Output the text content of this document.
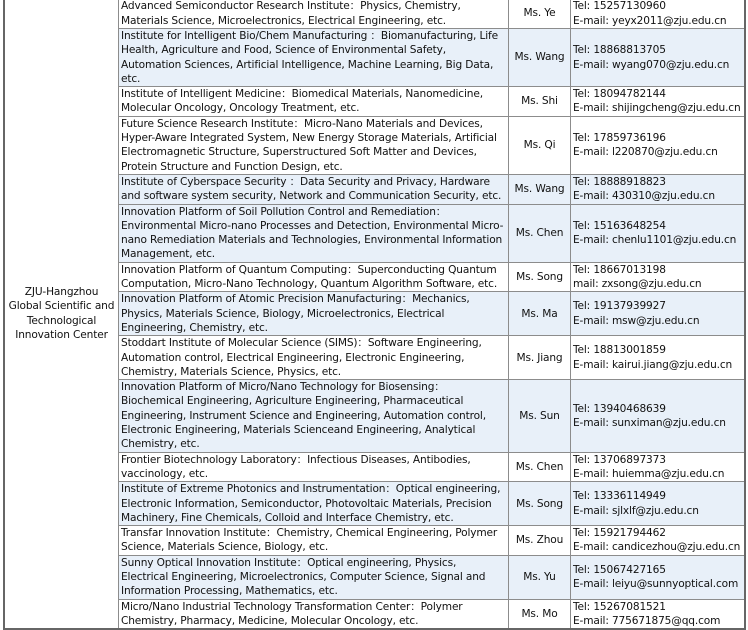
ZJU-Hangzhou Global Scientific and Technological Innovation Center	Advanced Semiconductor Research Institute：Physics, Chemistry, Materials Science, Microelectronics, Electrical Engineering, etc.	Ms. Ye	Tel: 15257130960
E-mail: yeyx2011@zju.edu.cn

	Institute for Intelligent Bio/Chem Manufacturing ：Biomanufacturing, Life Health, Agriculture and Food, Science of Environmental Safety, Automation Sciences, Artificial Intelligence, Machine Learning, Big Data, etc.	Ms. Wang	Tel: 18868813705
E-mail: wyang070@zju.edu.cn

	Institute of Intelligent Medicine：Biomedical Materials, Nanomedicine, Molecular Oncology, Oncology Treatment, etc.	Ms. Shi	Tel: 18094782144
E-mail: shijingcheng@zju.edu.cn

	Future Science Research Institute：Micro-Nano Materials and Devices, Hyper-Aware Integrated System, New Energy Storage Materials, Artificial Electromagnetic Structure, Superstructured Soft Matter and Devices, Protein Structure and Function Design, etc.	Ms. Qi	Tel: 17859736196
E-mail: l220870@zju.edu.cn

	Institute of Cyberspace Security ：Data Security and Privacy, Hardware and software system security, Network and Communication Security, etc.	Ms. Wang	Tel: 18888918823
E-mail: 430310@zju.edu.cn

	Innovation Platform of Soil Pollution Control and Remediation：Environmental Micro-nano Processes and Detection, Environmental Micro-nano Remediation Materials and Technologies, Environmental Information Management, etc.	Ms. Chen	Tel: 15163648254
E-mail: chenlu1101@zju.edu.cn

	Innovation Platform of Quantum Computing：Superconducting Quantum Computation, Micro-Nano Technology, Quantum Algorithm Software, etc.	Ms. Song	Tel: 18667013198
mail: zxsong@zju.edu.cn

	Innovation Platform of Atomic Precision Manufacturing：Mechanics, Physics, Materials Science, Biology, Microelectronics, Electrical Engineering, Chemistry, etc.	Ms. Ma	Tel: 19137939927
E-mail: msw@zju.edu.cn

	Stoddart Institute of Molecular Science (SIMS)：Software Engineering, Automation control, Electrical Engineering, Electronic Engineering, Chemistry, Materials Science, Physics, etc.	Ms. Jiang	Tel: 18813001859
E-mail: kairui.jiang@zju.edu.cn

	Innovation Platform of Micro/Nano Technology for Biosensing：Biochemical Engineering, Agriculture Engineering, Pharmaceutical Engineering, Instrument Science and Engineering, Automation control, Electronic Engineering, Materials Scienceand Engineering, Analytical Chemistry, etc.	Ms. Sun	Tel: 13940468639
E-mail: sunximan@zju.edu.cn

	Frontier Biotechnology Laboratory：Infectious Diseases, Antibodies, vaccinology, etc.	Ms. Chen	Tel: 13706897373
E-mail: huiemma@zju.edu.cn

	Institute of Extreme Photonics and Instrumentation：Optical engineering, Electronic Information, Semiconductor, Photovoltaic Materials, Precision Machinery, Fine Chemicals, Colloid and Interface Chemistry, etc.	Ms. Song	Tel: 13336114949
E-mail: sjlxlf@zju.edu.cn

	Transfar Innovation Institute：Chemistry, Chemical Engineering, Polymer Science, Materials Science, Biology, etc.	Ms. Zhou	Tel: 15921794462
E-mail: candicezhou@zju.edu.cn

	Sunny Optical Innovation Institute：Optical engineering, Physics, Electrical Engineering, Microelectronics, Computer Science, Signal and Information Processing, Mathematics, etc.	Ms. Yu	Tel: 15067427165
E-mail: leiyu@sunnyoptical.com

	Micro/Nano Industrial Technology Transformation Center：Polymer Chemistry, Pharmacy, Medicine, Molecular Oncology, etc.	Ms. Mo	Tel: 15267081521
E-mail: 775671875@qq.com
